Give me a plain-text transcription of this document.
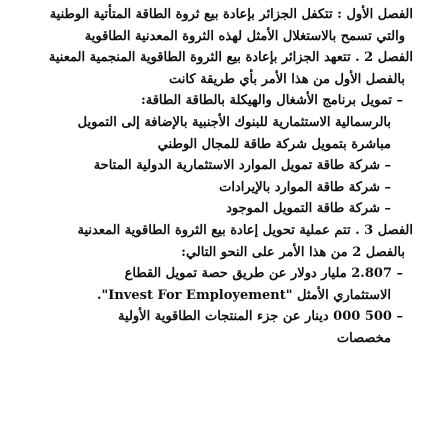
الفصل الأول : تتكفل الجزائر بإعادة بيع ثروة الطاقة المتأتية الوطنية
والتي تسمح بالاستغلال الأمثل لهذه الثروة المعدنية الطاقوية
الفصل 2 . تتعهد الجزائر بإعادة بيع الثروة الطاقوية المنجمية المعنية
بالفصل الأول من هذا الأمر بأي طريقة كانت
– تمويل برنامج الأشغال والهيكلة بالطاقة الطاقة:
بالرسمالية الاستثمارية للبنوك الأجنبية بالإضافة إلى التمويل
مباشرة بتمويل شركة طاقة للمجال الوطني
– شركة طاقة تمويل الموارد الاستثمارية الدولية المتاحة
– شركة طاقة الموارد بالإيرادات
– شركة طاقة التمويل الموجود
الفصل 3 . تتم عملية تحويل إعادة بيع الثروة الطاقوية المعدنية
بالفصل 2 من هذا الأمر على النحو التالي:
– 2.807 مليار دولار عن طريق حصة تمويل القطاع
الاستثماري الأمثل "Invest For Employement".
– 500 000 دينار عن جزء المنتجات الطاقوية الأولية
مخصصات
